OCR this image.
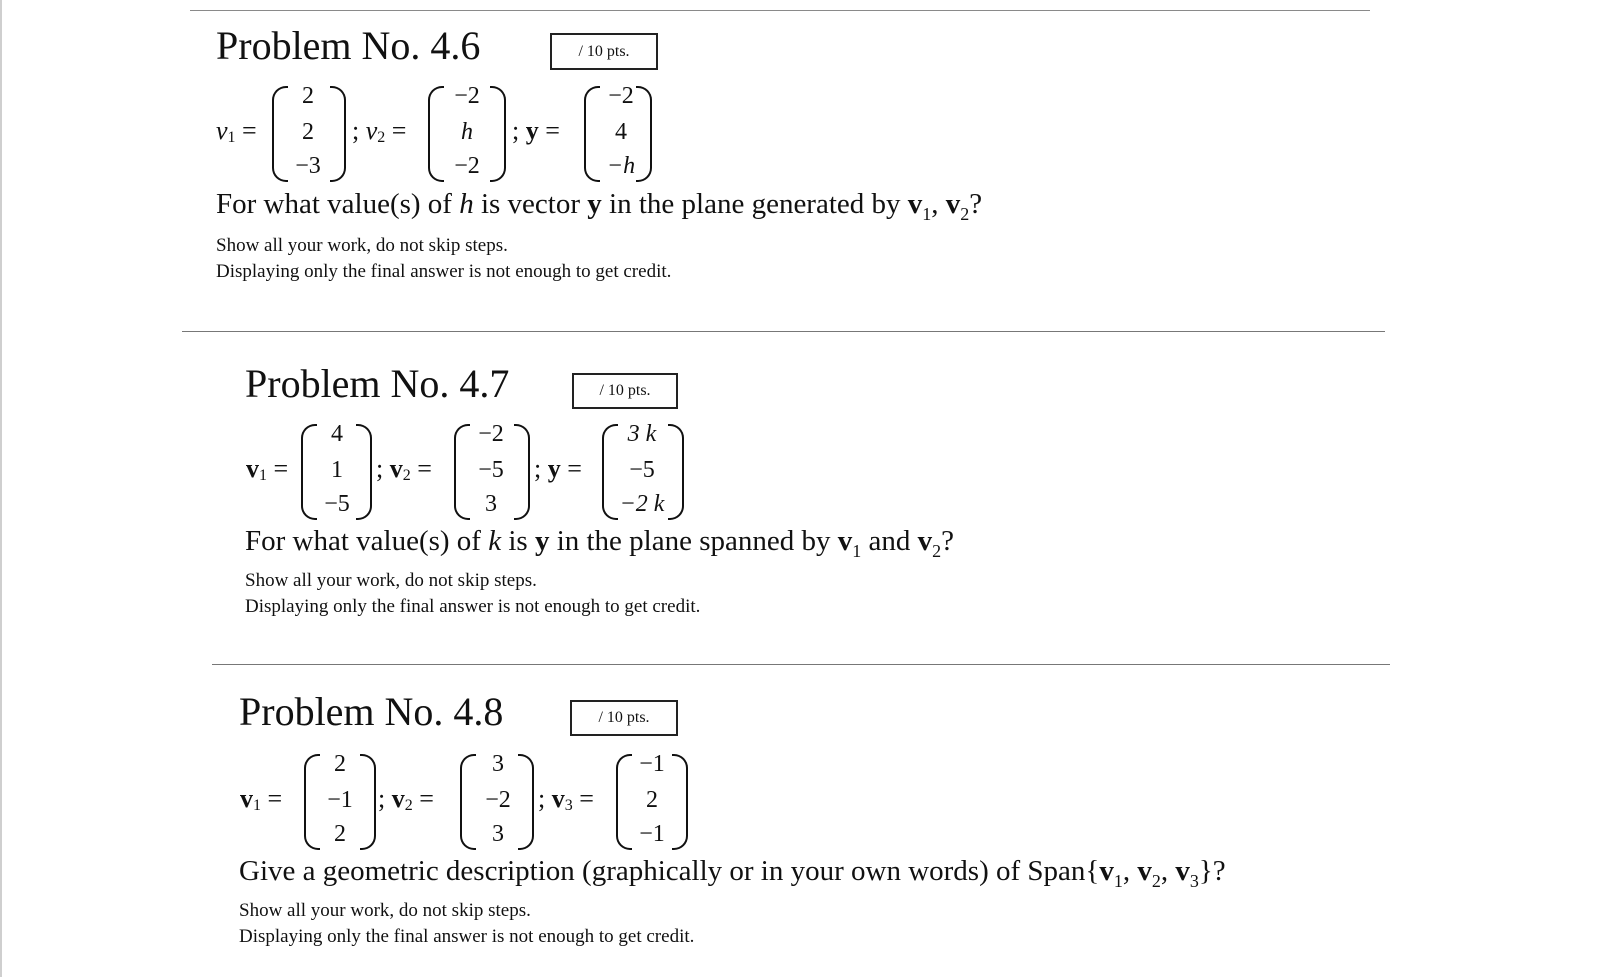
Problem No. 4.6	/ 10 pts.
$v_1$ =
2
2
−3
; $v_2$ =
−2
h
−2
; y =
−2
4
−h
For what value(s) of h is vector y in the plane generated by $v_1$, $v_2$?
Show all your work, do not skip steps.
Displaying only the final answer is not enough to get credit.
Problem No. 4.7	/ 10 pts.
$v_1$ =
4
1
−5
; $v_2$ =
−2
−5
3
; y =
3 k
−5
−2 k
For what value(s) of k is y in the plane spanned by $v_1$ and $v_2$?
Show all your work, do not skip steps.
Displaying only the final answer is not enough to get credit.
Problem No. 4.8	/ 10 pts.
$v_1$ =
2
−1
2
; $v_2$ =
3
−2
3
; $v_3$ =
−1
2
−1
Give a geometric description (graphically or in your own words) of $Span\{v_1$, $v_2$, $v_3$}?
Show all your work, do not skip steps.
Displaying only the final answer is not enough to get credit.
